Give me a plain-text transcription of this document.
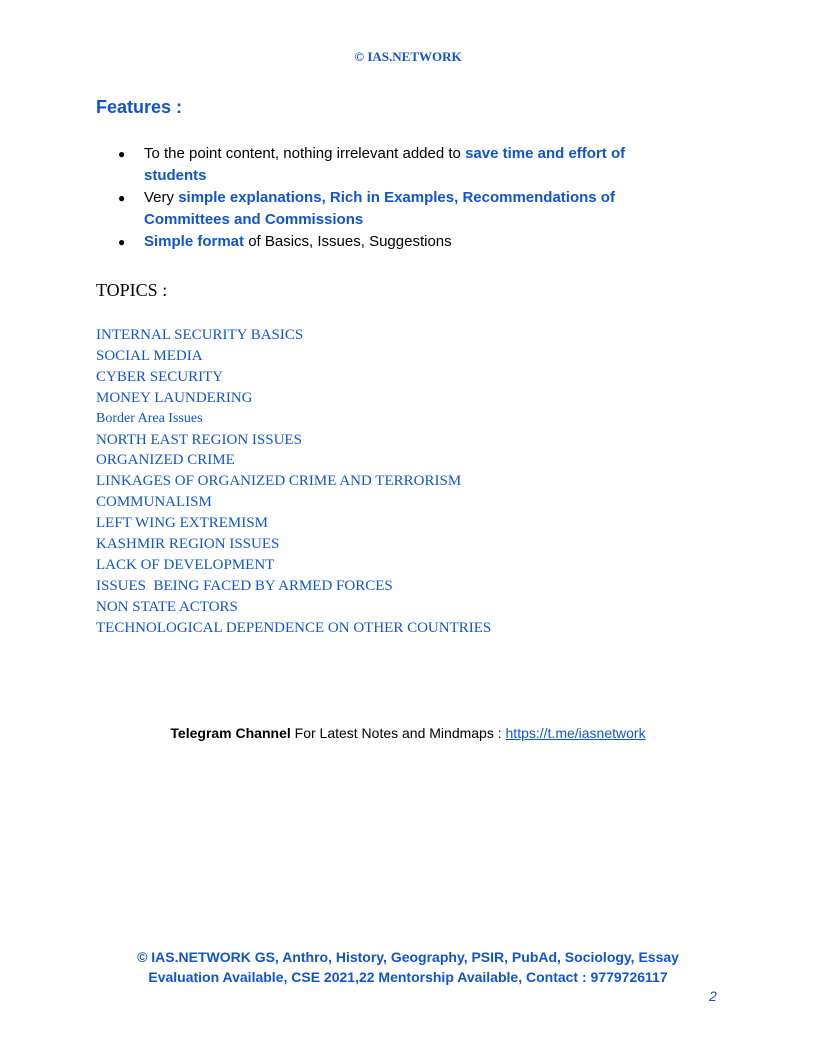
© IAS.NETWORK
Features :
● To the point content, nothing irrelevant added to save time and effort of students
● Very simple explanations, Rich in Examples, Recommendations of Committees and Commissions
● Simple format of Basics, Issues, Suggestions
TOPICS :
INTERNAL SECURITY BASICS
SOCIAL MEDIA
CYBER SECURITY
MONEY LAUNDERING
Border Area Issues
NORTH EAST REGION ISSUES
ORGANIZED CRIME
LINKAGES OF ORGANIZED CRIME AND TERRORISM
COMMUNALISM
LEFT WING EXTREMISM
KASHMIR REGION ISSUES
LACK OF DEVELOPMENT
ISSUES  BEING FACED BY ARMED FORCES
NON STATE ACTORS
TECHNOLOGICAL DEPENDENCE ON OTHER COUNTRIES
Telegram Channel For Latest Notes and Mindmaps : https://t.me/iasnetwork
© IAS.NETWORK GS, Anthro, History, Geography, PSIR, PubAd, Sociology, Essay
Evaluation Available, CSE 2021,22 Mentorship Available, Contact : 9779726117
2
